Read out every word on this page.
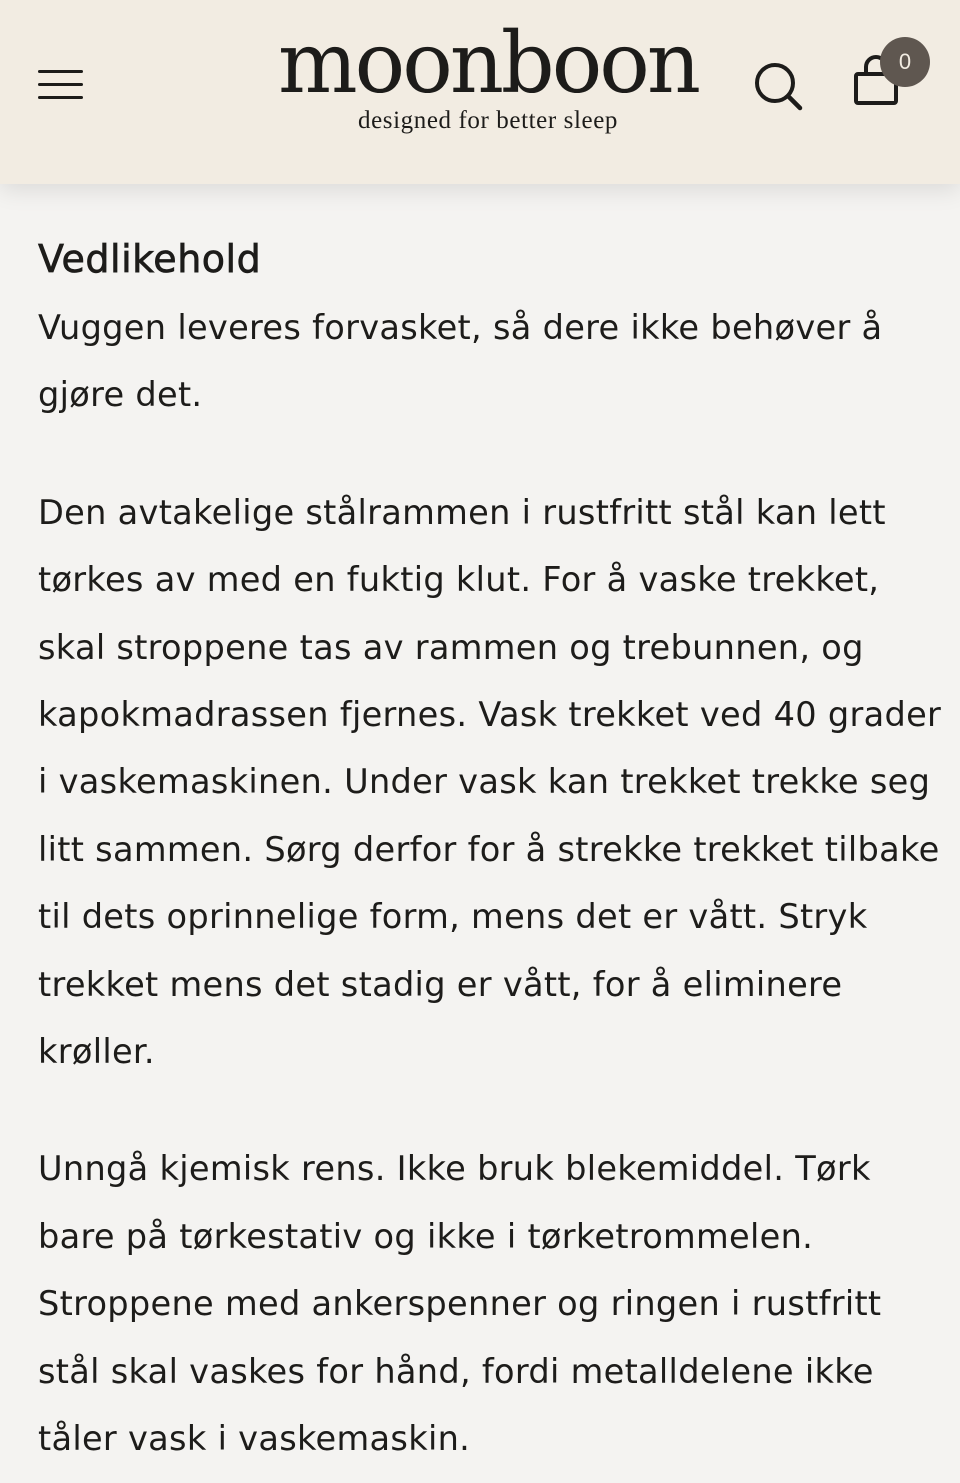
moonboon
designed for better sleep
0
Vedlikehold

Vuggen leveres forvasket, så dere ikke behøver å gjøre det.

Den avtakelige stålrammen i rustfritt stål kan lett tørkes av med en fuktig klut. For å vaske trekket, skal stroppene tas av rammen og trebunnen, og kapokmadrassen fjernes. Vask trekket ved 40 grader i vaskemaskinen. Under vask kan trekket trekke seg litt sammen. Sørg derfor for å strekke trekket tilbake til dets oprinnelige form, mens det er vått. Stryk trekket mens det stadig er vått, for å eliminere krøller.

Unngå kjemisk rens. Ikke bruk blekemiddel. Tørk bare på tørkestativ og ikke i tørketrommelen. Stroppene med ankerspenner og ringen i rustfritt stål skal vaskes for hånd, fordi metalldelene ikke tåler vask i vaskemaskin.
